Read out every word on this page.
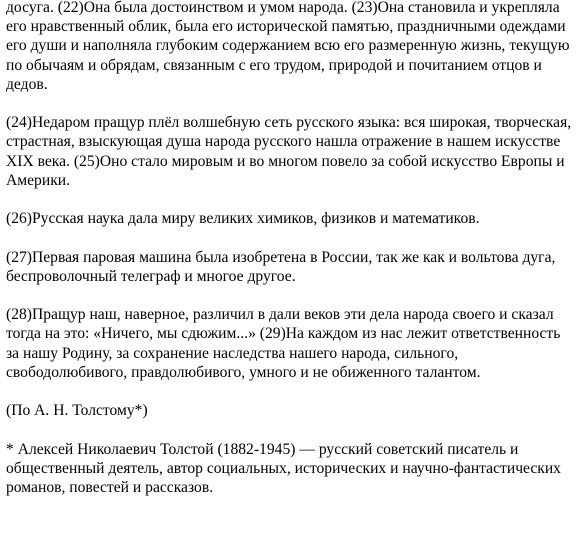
досуга. (22)Она была достоинством и умом народа. (23)Она становила и укрепляла его нравственный облик, была его исторической памятью, праздничными одеждами его души и наполняла глубоким содержанием всю его размеренную жизнь, текущую по обычаям и обрядам, связанным с его трудом, природой и почитанием отцов и дедов.

(24)Недаром пращур плёл волшебную сеть русского языка: вся широкая, творческая, страстная, взыскующая душа народа русского нашла отражение в нашем искусстве XIX века. (25)Оно стало мировым и во многом повело за собой искусство Европы и Америки.

(26)Русская наука дала миру великих химиков, физиков и математиков.

(27)Первая паровая машина была изобретена в России, так же как и вольтова дуга, беспроволочный телеграф и многое другое.

(28)Пращур наш, наверное, различил в дали веков эти дела народа своего и сказал тогда на это: «Ничего, мы сдюжим...» (29)На каждом из нас лежит ответственность за нашу Родину, за сохранение наследства нашего народа, сильного, свободолюбивого, правдолюбивого, умного и не обиженного талантом.

(По А. Н. Толстому*)

* Алексей Николаевич Толстой (1882-1945) — русский советский писатель и общественный деятель, автор социальных, исторических и научно-фантастических романов, повестей и рассказов.
